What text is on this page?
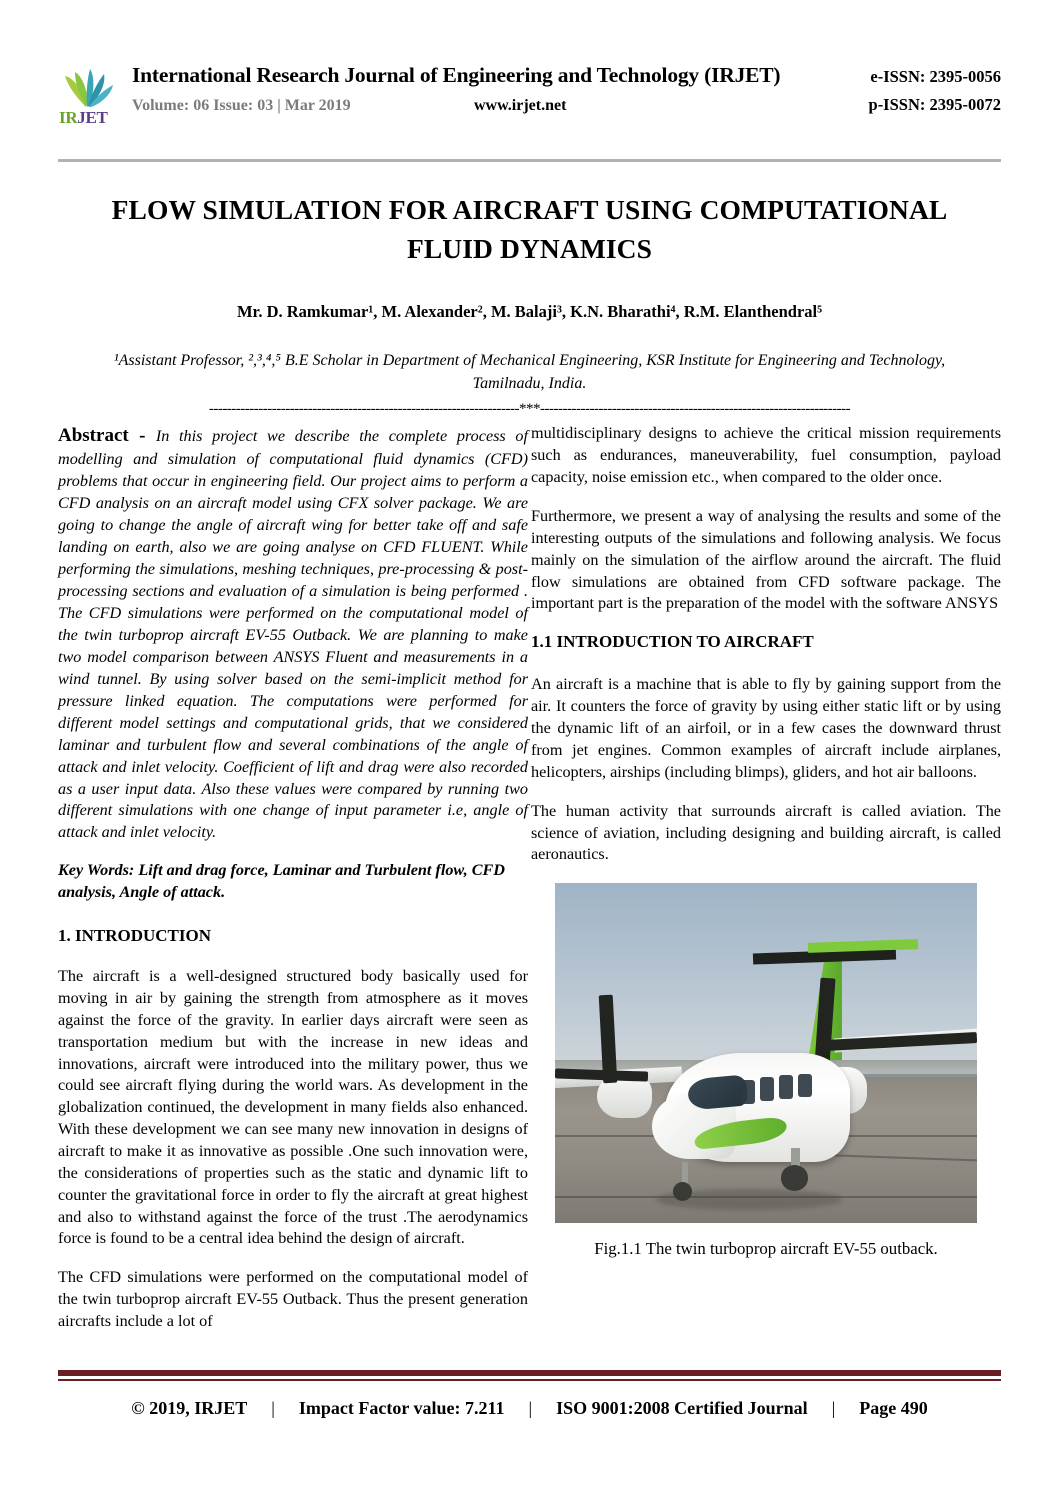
IRJET
International Research Journal of Engineering and Technology (IRJET)	e-ISSN: 2395-0056
Volume: 06 Issue: 03 | Mar 2019	www.irjet.net	p-ISSN: 2395-0072
FLOW SIMULATION FOR AIRCRAFT USING COMPUTATIONAL FLUID DYNAMICS
Mr. D. Ramkumar¹, M. Alexander², M. Balaji³, K.N. Bharathi⁴, R.M. Elanthendral⁵
¹Assistant Professor, ²,³,⁴,⁵ B.E Scholar in Department of Mechanical Engineering, KSR Institute for Engineering and Technology, Tamilnadu, India.
---------------------------------------------------------------------***---------------------------------------------------------------------

Abstract - In this project we describe the complete process of modelling and simulation of computational fluid dynamics (CFD) problems that occur in engineering field. Our project aims to perform a CFD analysis on an aircraft model using CFX solver package. We are going to change the angle of aircraft wing for better take off and safe landing on earth, also we are going analyse on CFD FLUENT. While performing the simulations, meshing techniques, pre-processing & post-processing sections and evaluation of a simulation is being performed . The CFD simulations were performed on the computational model of the twin turboprop aircraft EV-55 Outback. We are planning to make two model comparison between ANSYS Fluent and measurements in a wind tunnel. By using solver based on the semi-implicit method for pressure linked equation. The computations were performed for different model settings and computational grids, that we considered laminar and turbulent flow and several combinations of the angle of attack and inlet velocity. Coefficient of lift and drag were also recorded as a user input data. Also these values were compared by running two different simulations with one change of input parameter i.e, angle of attack and inlet velocity.

Key Words: Lift and drag force, Laminar and Turbulent flow, CFD analysis, Angle of attack.

1. INTRODUCTION

The aircraft is a well-designed structured body basically used for moving in air by gaining the strength from atmosphere as it moves against the force of the gravity. In earlier days aircraft were seen as transportation medium but with the increase in new ideas and innovations, aircraft were introduced into the military power, thus we could see aircraft flying during the world wars. As development in the globalization continued, the development in many fields also enhanced. With these development we can see many new innovation in designs of aircraft to make it as innovative as possible .One such innovation were, the considerations of properties such as the static and dynamic lift to counter the gravitational force in order to fly the aircraft at great highest and also to withstand against the force of the trust .The aerodynamics force is found to be a central idea behind the design of aircraft.

The CFD simulations were performed on the computational model of the twin turboprop aircraft EV-55 Outback. Thus the present generation aircrafts include a lot of

multidisciplinary designs to achieve the critical mission requirements such as endurances, maneuverability, fuel consumption, payload capacity, noise emission etc., when compared to the older once.

Furthermore, we present a way of analysing the results and some of the interesting outputs of the simulations and following analysis. We focus mainly on the simulation of the airflow around the aircraft. The fluid flow simulations are obtained from CFD software package. The important part is the preparation of the model with the software ANSYS

1.1 INTRODUCTION TO AIRCRAFT

An aircraft is a machine that is able to fly by gaining support from the air. It counters the force of gravity by using either static lift or by using the dynamic lift of an airfoil, or in a few cases the downward thrust from jet engines. Common examples of aircraft include airplanes, helicopters, airships (including blimps), gliders, and hot air balloons.

The human activity that surrounds aircraft is called aviation. The science of aviation, including designing and building aircraft, is called aeronautics.

Fig.1.1 The twin turboprop aircraft EV-55 outback.
© 2019, IRJET	|	Impact Factor value: 7.211	|	ISO 9001:2008 Certified Journal	|	Page 490
